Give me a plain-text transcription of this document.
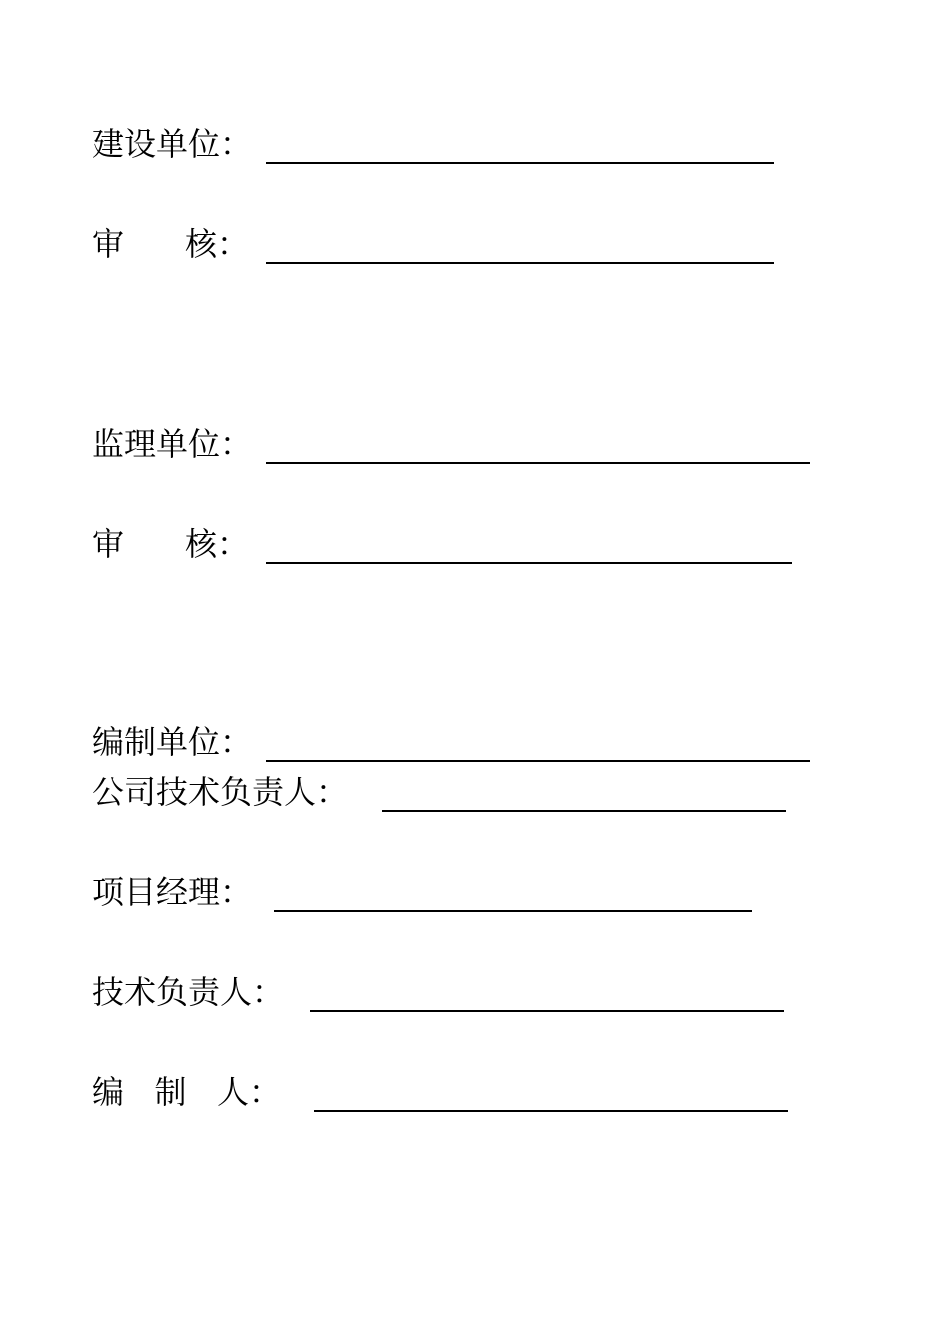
建设单位：
审      核：
监理单位：
审      核：
编制单位：
公司技术负责人：
项目经理：
技术负责人：
编   制   人：
